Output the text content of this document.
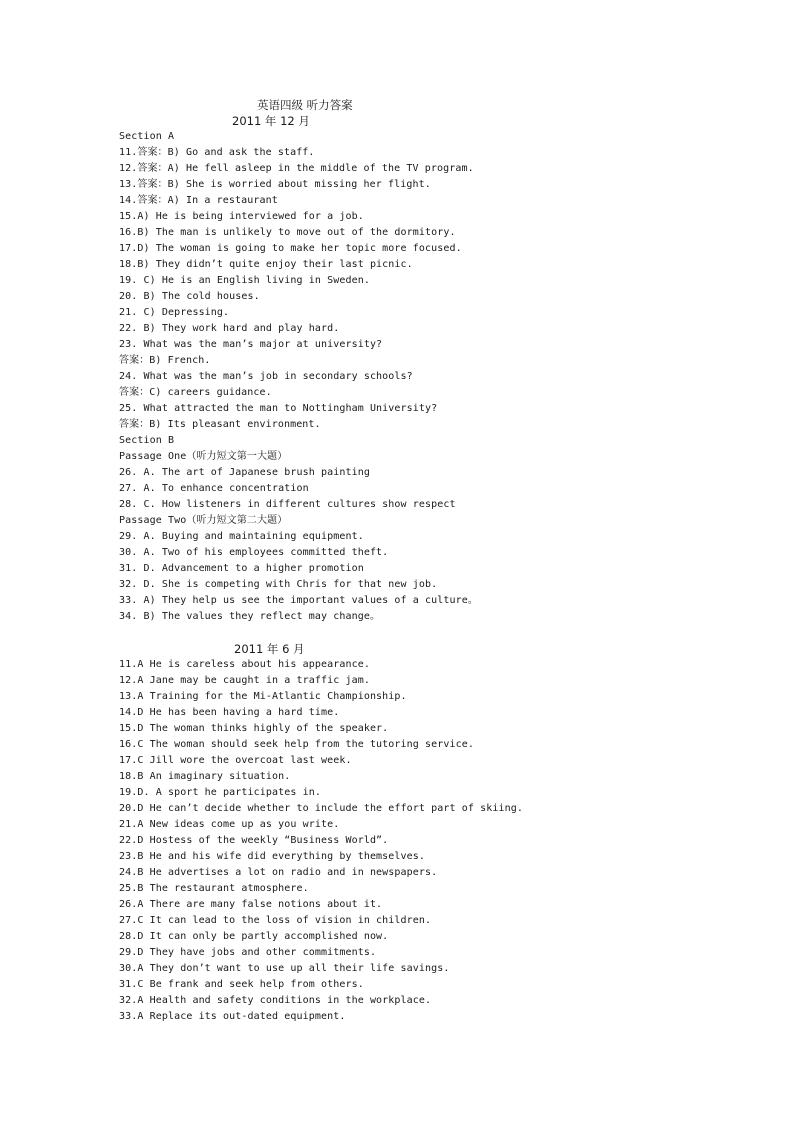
英语四级 听力答案
2011 年 12 月
Section A
11.答案：B) Go and ask the staff.
12.答案：A) He fell asleep in the middle of the TV program.
13.答案：B) She is worried about missing her flight.
14.答案：A) In a restaurant
15.A) He is being interviewed for a job.
16.B) The man is unlikely to move out of the dormitory.
17.D) The woman is going to make her topic more focused.
18.B) They didn’t quite enjoy their last picnic.
19. C) He is an English living in Sweden.
20. B) The cold houses.
21. C) Depressing.
22. B) They work hard and play hard.
23. What was the man’s major at university?
答案：B) French.
24. What was the man’s job in secondary schools?
答案：C) careers guidance.
25. What attracted the man to Nottingham University?
答案：B) Its pleasant environment.
Section B
Passage One（听力短文第一大题）
26. A. The art of Japanese brush painting
27. A. To enhance concentration
28. C. How listeners in different cultures show respect
Passage Two（听力短文第二大题）
29. A. Buying and maintaining equipment.
30. A. Two of his employees committed theft.
31. D. Advancement to a higher promotion
32. D. She is competing with Chris for that new job.
33. A) They help us see the important values of a culture。
34. B) The values they reflect may change。
2011 年 6 月
11.A He is careless about his appearance.
12.A Jane may be caught in a traffic jam.
13.A Training for the Mi-Atlantic Championship.
14.D He has been having a hard time.
15.D The woman thinks highly of the speaker.
16.C The woman should seek help from the tutoring service.
17.C Jill wore the overcoat last week.
18.B An imaginary situation.
19.D. A sport he participates in.
20.D He can’t decide whether to include the effort part of skiing.
21.A New ideas come up as you write.
22.D Hostess of the weekly “Business World”.
23.B He and his wife did everything by themselves.
24.B He advertises a lot on radio and in newspapers.
25.B The restaurant atmosphere.
26.A There are many false notions about it.
27.C It can lead to the loss of vision in children.
28.D It can only be partly accomplished now.
29.D They have jobs and other commitments.
30.A They don’t want to use up all their life savings.
31.C Be frank and seek help from others.
32.A Health and safety conditions in the workplace.
33.A Replace its out-dated equipment.
